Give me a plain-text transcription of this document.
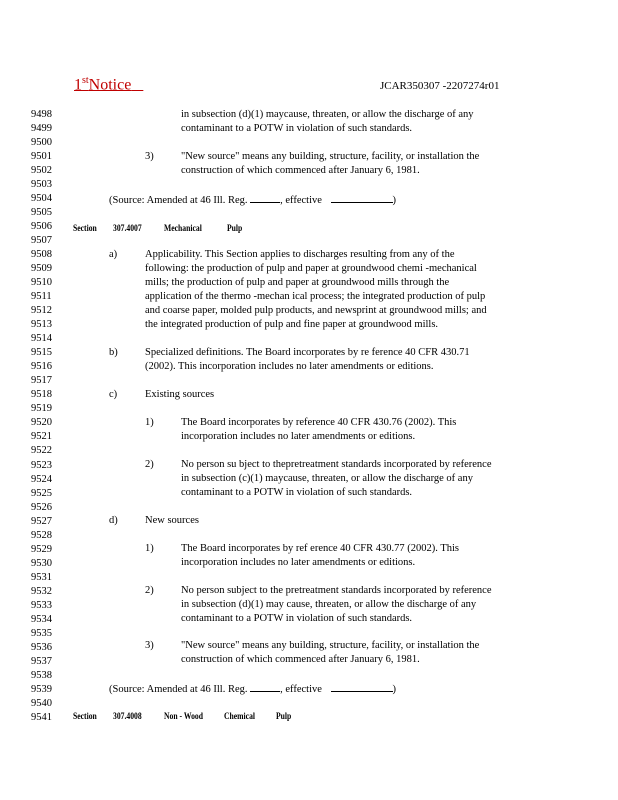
1stNotice	JCAR350307 -2207274r01
9498
9499
9500
9501
9502
9503
9504
9505
9506
9507
9508
9509
9510
9511
9512
9513
9514
9515
9516
9517
9518
9519
9520
9521
9522
9523
9524
9525
9526
9527
9528
9529
9530
9531
9532
9533
9534
9535
9536
9537
9538
9539
9540
9541
in subsection (d)(1) maycause, threaten, or allow the discharge of any
contaminant to a POTW in violation of such standards.
3)	"New source" means any building, structure, facility, or installation the
construction of which commenced after January 6, 1981.
(Source: Amended at 46 Ill. Reg.	, effective	)
Section 307.4007 Mechanical	Pulp
a)	Applicability. This Section applies to discharges resulting from any of the
following: the production of pulp and paper at groundwood chemi -mechanical
mills; the production of pulp and paper at groundwood mills through the
application of the thermo -mechan ical process; the integrated production of pulp
and coarse paper, molded pulp products, and newsprint at groundwood mills; and
the integrated production of pulp and fine paper at groundwood mills.
b)	Specialized definitions. The Board incorporates by re ference 40 CFR 430.71
(2002). This incorporation includes no later amendments or editions.
c)	Existing sources
1)	The Board incorporates by reference 40 CFR 430.76 (2002). This
incorporation includes no later amendments or editions.
2)	No person su bject to thepretreatment standards incorporated by reference
in subsection (c)(1) maycause, threaten, or allow the discharge of any
contaminant to a POTW in violation of such standards.
d)	New sources
1)	The Board incorporates by ref erence 40 CFR 430.77 (2002). This
incorporation includes no later amendments or editions.
2)	No person subject to the pretreatment standards incorporated by reference
in subsection (d)(1) may cause, threaten, or allow the discharge of any
contaminant to a POTW in violation of such standards.
3)	"New source" means any building, structure, facility, or installation the
construction of which commenced after January 6, 1981.
(Source: Amended at 46 Ill. Reg.	, effective	)
Section 307.4008 Non - Wood Chemical Pulp
